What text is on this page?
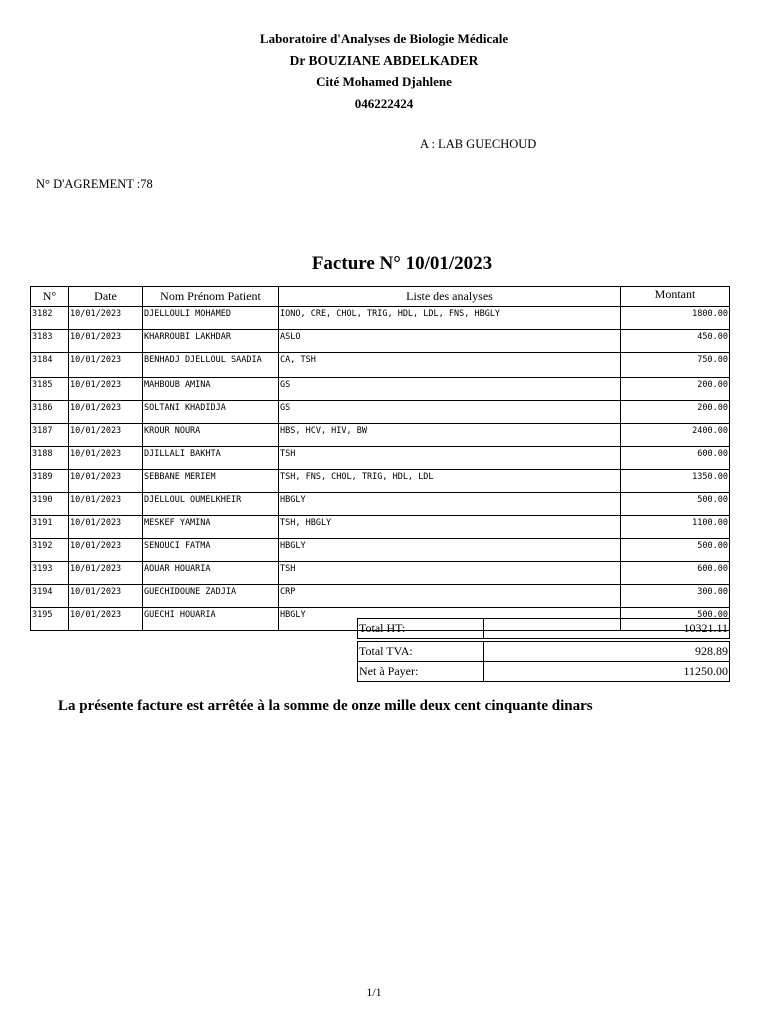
Laboratoire d'Analyses de Biologie Médicale
Dr BOUZIANE ABDELKADER
Cité Mohamed Djahlene
046222424
A : LAB GUECHOUD
N° D'AGREMENT :78
Facture N° 10/01/2023
N°	Date	Nom Prénom Patient	Liste des analyses	Montant
3182	10/01/2023	DJELLOULI MOHAMED	IONO, CRE, CHOL, TRIG, HDL, LDL, FNS, HBGLY	1800.00
3183	10/01/2023	KHARROUBI LAKHDAR	ASLO	450.00
3184	10/01/2023	BENHADJ DJELLOUL SAADIA	CA, TSH	750.00
3185	10/01/2023	MAHBOUB AMINA	GS	200.00
3186	10/01/2023	SOLTANI KHADIDJA	GS	200.00
3187	10/01/2023	KROUR NOURA	HBS, HCV, HIV, BW	2400.00
3188	10/01/2023	DJILLALI BAKHTA	TSH	600.00
3189	10/01/2023	SEBBANE MERIEM	TSH, FNS, CHOL, TRIG, HDL, LDL	1350.00
3190	10/01/2023	DJELLOUL OUMELKHEIR	HBGLY	500.00
3191	10/01/2023	MESKEF YAMINA	TSH, HBGLY	1100.00
3192	10/01/2023	SENOUCI FATMA	HBGLY	500.00
3193	10/01/2023	AOUAR HOUARIA	TSH	600.00
3194	10/01/2023	GUECHIDOUNE ZADJIA	CRP	300.00
3195	10/01/2023	GUECHI HOUARIA	HBGLY	500.00
Total HT:	10321.11

Total TVA:	928.89
Net à Payer:	11250.00
La présente facture est arrêtée à la somme de onze mille deux cent cinquante dinars
1/1
